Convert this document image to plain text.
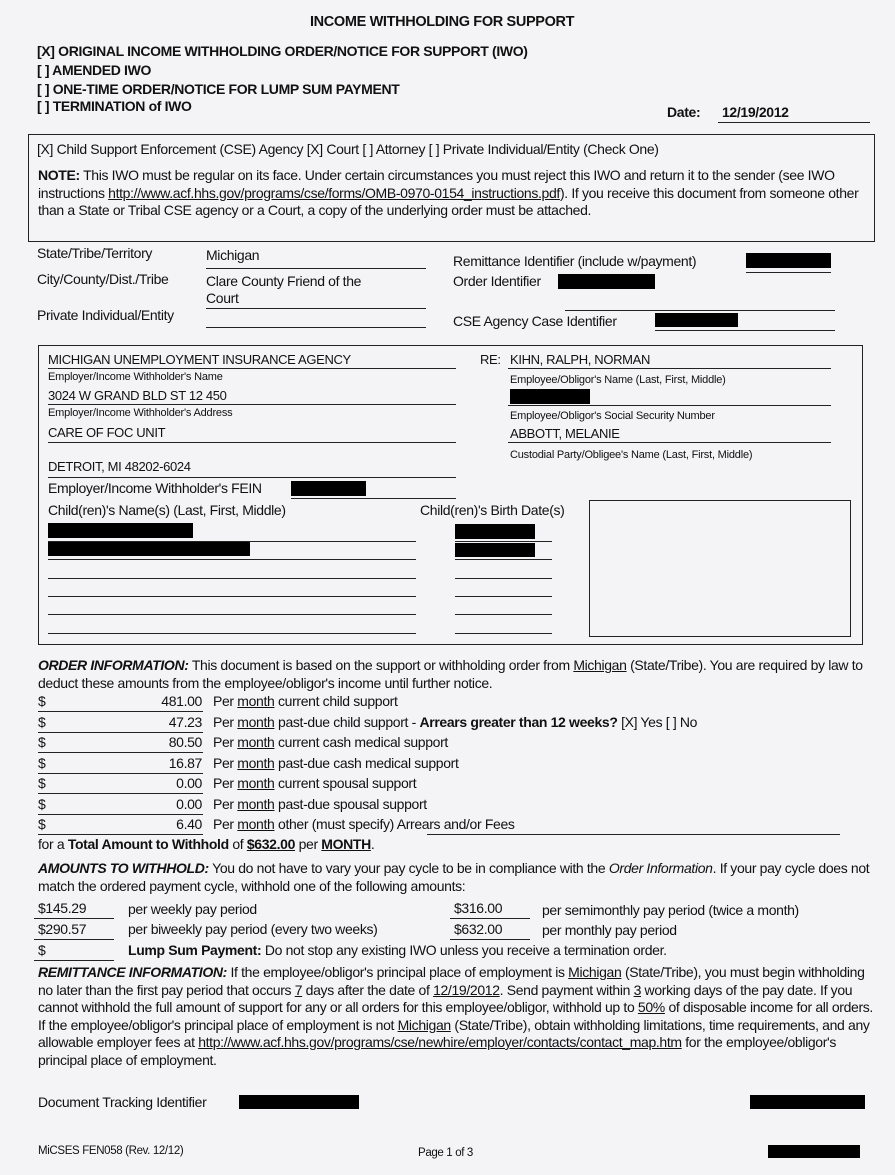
INCOME WITHHOLDING FOR SUPPORT
[X] ORIGINAL INCOME WITHHOLDING ORDER/NOTICE FOR SUPPORT (IWO)
[ ] AMENDED IWO
[ ] ONE-TIME ORDER/NOTICE FOR LUMP SUM PAYMENT
[ ] TERMINATION of IWO	Date: 12/19/2012
[X] Child Support Enforcement (CSE) Agency [X] Court [ ] Attorney [ ] Private Individual/Entity (Check One)
NOTE: This IWO must be regular on its face. Under certain circumstances you must reject this IWO and return it to the sender (see IWO instructions http://www.acf.hhs.gov/programs/cse/forms/OMB-0970-0154_instructions.pdf). If you receive this document from someone other than a State or Tribal CSE agency or a Court, a copy of the underlying order must be attached.
State/Tribe/Territory	Michigan
City/County/Dist./Tribe	Clare County Friend of the
Court
Private Individual/Entity
Remittance Identifier (include w/payment)
Order Identifier
CSE Agency Case Identifier
MICHIGAN UNEMPLOYMENT INSURANCE AGENCY
Employer/Income Withholder's Name
3024 W GRAND BLD ST 12 450
Employer/Income Withholder's Address
CARE OF FOC UNIT
DETROIT, MI 48202-6024
Employer/Income Withholder's FEIN
RE: KIHN, RALPH, NORMAN
Employee/Obligor's Name (Last, First, Middle)
Employee/Obligor's Social Security Number
ABBOTT, MELANIE
Custodial Party/Obligee's Name (Last, First, Middle)
Child(ren)'s Name(s) (Last, First, Middle)	Child(ren)'s Birth Date(s)
ORDER INFORMATION: This document is based on the support or withholding order from Michigan (State/Tribe). You are required by law to deduct these amounts from the employee/obligor's income until further notice.
$	481.00 Per month current child support
$	47.23 Per month past-due child support - Arrears greater than 12 weeks? [X] Yes [ ] No
$	80.50 Per month current cash medical support
$	16.87 Per month past-due cash medical support
$	0.00 Per month current spousal support
$	0.00 Per month past-due spousal support
$	6.40 Per month other (must specify) Arrears and/or Fees
for a Total Amount to Withhold of $632.00 per MONTH.
AMOUNTS TO WITHHOLD: You do not have to vary your pay cycle to be in compliance with the Order Information. If your pay cycle does not match the ordered payment cycle, withhold one of the following amounts:
$145.29	per weekly pay period	$316.00	per semimonthly pay period (twice a month)
$290.57	per biweekly pay period (every two weeks)	$632.00	per monthly pay period
$	Lump Sum Payment: Do not stop any existing IWO unless you receive a termination order.
REMITTANCE INFORMATION: If the employee/obligor's principal place of employment is Michigan (State/Tribe), you must begin withholding no later than the first pay period that occurs 7 days after the date of 12/19/2012. Send payment within 3 working days of the pay date. If you cannot withhold the full amount of support for any or all orders for this employee/obligor, withhold up to 50% of disposable income for all orders. If the employee/obligor's principal place of employment is not Michigan (State/Tribe), obtain withholding limitations, time requirements, and any allowable employer fees at http://www.acf.hhs.gov/programs/cse/newhire/employer/contacts/contact_map.htm for the employee/obligor's principal place of employment.
Document Tracking Identifier
MiCSES FEN058 (Rev. 12/12)	Page 1 of 3
